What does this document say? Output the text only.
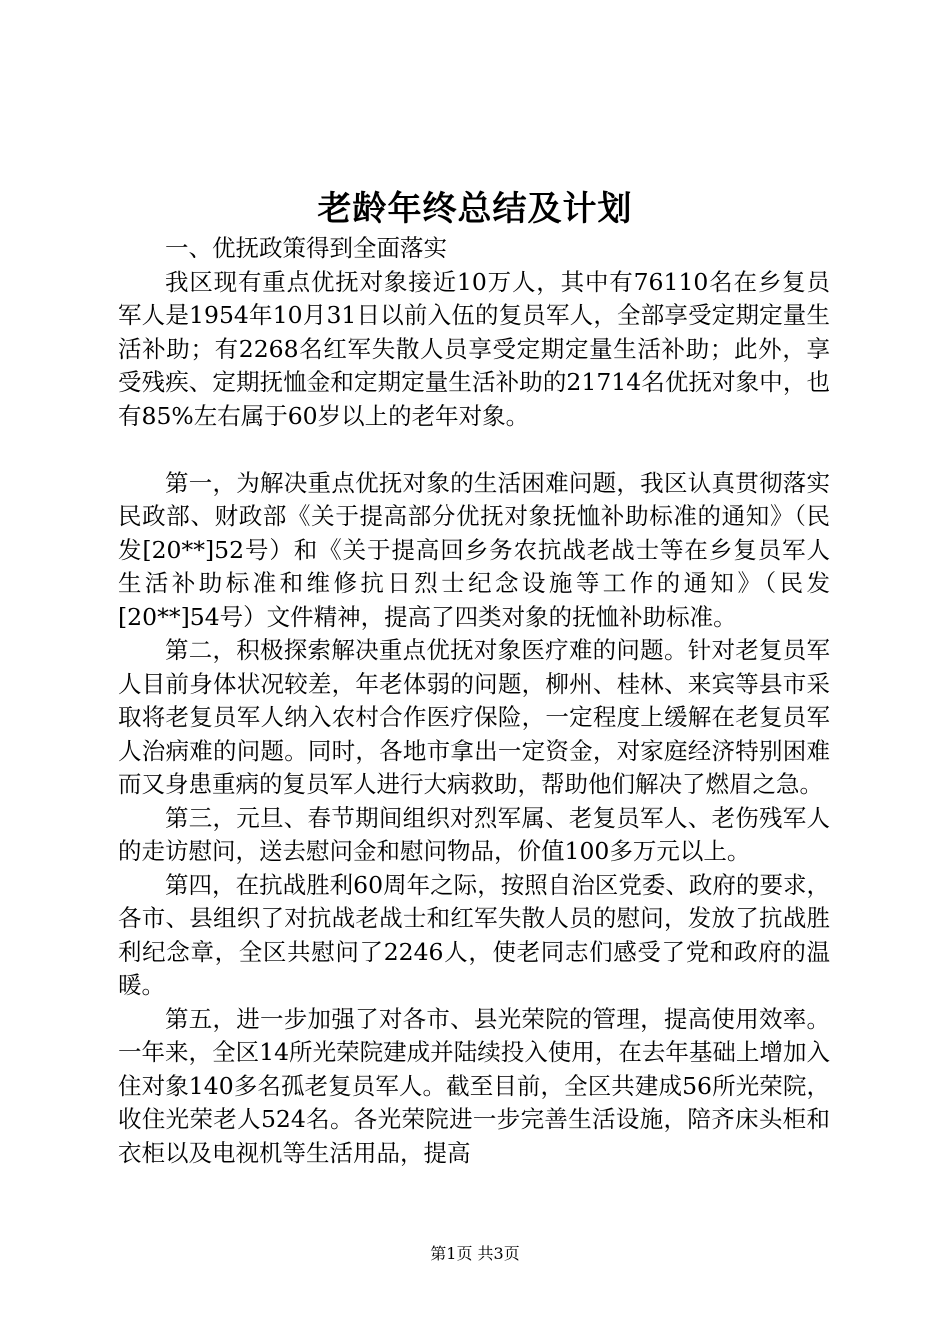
老龄年终总结及计划

一、优抚政策得到全面落实

我区现有重点优抚对象接近10万人，其中有76110名在乡复员军人是1954年10月31日以前入伍的复员军人，全部享受定期定量生活补助；有2268名红军失散人员享受定期定量生活补助；此外，享受残疾、定期抚恤金和定期定量生活补助的21714名优抚对象中，也有85%左右属于60岁以上的老年对象。

第一，为解决重点优抚对象的生活困难问题，我区认真贯彻落实民政部、财政部《关于提高部分优抚对象抚恤补助标准的通知》（民发[20**]52号）和《关于提高回乡务农抗战老战士等在乡复员军人生活补助标准和维修抗日烈士纪念设施等工作的通知》（民发[20**]54号）文件精神，提高了四类对象的抚恤补助标准。

第二，积极探索解决重点优抚对象医疗难的问题。针对老复员军人目前身体状况较差，年老体弱的问题，柳州、桂林、来宾等县市采取将老复员军人纳入农村合作医疗保险，一定程度上缓解在老复员军人治病难的问题。同时，各地市拿出一定资金，对家庭经济特别困难而又身患重病的复员军人进行大病救助，帮助他们解决了燃眉之急。

第三，元旦、春节期间组织对烈军属、老复员军人、老伤残军人的走访慰问，送去慰问金和慰问物品，价值100多万元以上。

第四，在抗战胜利60周年之际，按照自治区党委、政府的要求，各市、县组织了对抗战老战士和红军失散人员的慰问，发放了抗战胜利纪念章，全区共慰问了2246人，使老同志们感受了党和政府的温暖。

第五，进一步加强了对各市、县光荣院的管理，提高使用效率。一年来，全区14所光荣院建成并陆续投入使用，在去年基础上增加入住对象140多名孤老复员军人。截至目前，全区共建成56所光荣院，收住光荣老人524名。各光荣院进一步完善生活设施，陪齐床头柜和衣柜以及电视机等生活用品，提高

第1页 共3页
